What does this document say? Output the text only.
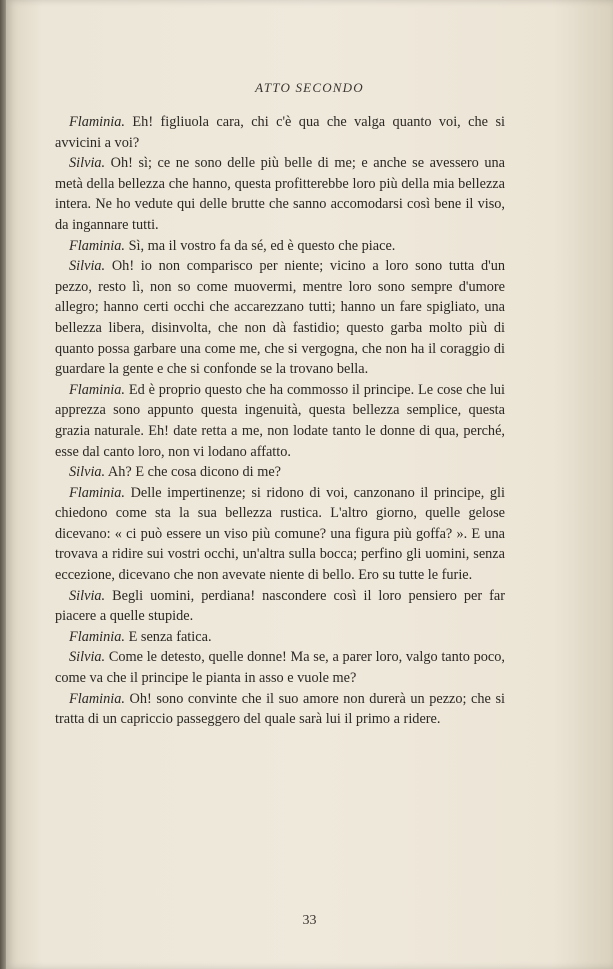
ATTO SECONDO

Flaminia. Eh! figliuola cara, chi c'è qua che valga quanto voi, che si avvicini a voi?

Silvia. Oh! sì; ce ne sono delle più belle di me; e anche se avessero una metà della bellezza che hanno, questa profitterebbe loro più della mia bellezza intera. Ne ho vedute qui delle brutte che sanno accomodarsi così bene il viso, da ingannare tutti.

Flaminia. Sì, ma il vostro fa da sé, ed è questo che piace.

Silvia. Oh! io non comparisco per niente; vicino a loro sono tutta d'un pezzo, resto lì, non so come muovermi, mentre loro sono sempre d'umore allegro; hanno certi occhi che accarezzano tutti; hanno un fare spigliato, una bellezza libera, disinvolta, che non dà fastidio; questo garba molto più di quanto possa garbare una come me, che si vergogna, che non ha il coraggio di guardare la gente e che si confonde se la trovano bella.

Flaminia. Ed è proprio questo che ha commosso il principe. Le cose che lui apprezza sono appunto questa ingenuità, questa bellezza semplice, questa grazia naturale. Eh! date retta a me, non lodate tanto le donne di qua, perché, esse dal canto loro, non vi lodano affatto.

Silvia. Ah? E che cosa dicono di me?

Flaminia. Delle impertinenze; si ridono di voi, canzonano il principe, gli chiedono come sta la sua bellezza rustica. L'altro giorno, quelle gelose dicevano: « ci può essere un viso più comune? una figura più goffa? ». E una trovava a ridire sui vostri occhi, un'altra sulla bocca; perfino gli uomini, senza eccezione, dicevano che non avevate niente di bello. Ero su tutte le furie.

Silvia. Begli uomini, perdiana! nascondere così il loro pensiero per far piacere a quelle stupide.

Flaminia. E senza fatica.

Silvia. Come le detesto, quelle donne! Ma se, a parer loro, valgo tanto poco, come va che il principe le pianta in asso e vuole me?

Flaminia. Oh! sono convinte che il suo amore non durerà un pezzo; che si tratta di un capriccio passeggero del quale sarà lui il primo a ridere.

33
